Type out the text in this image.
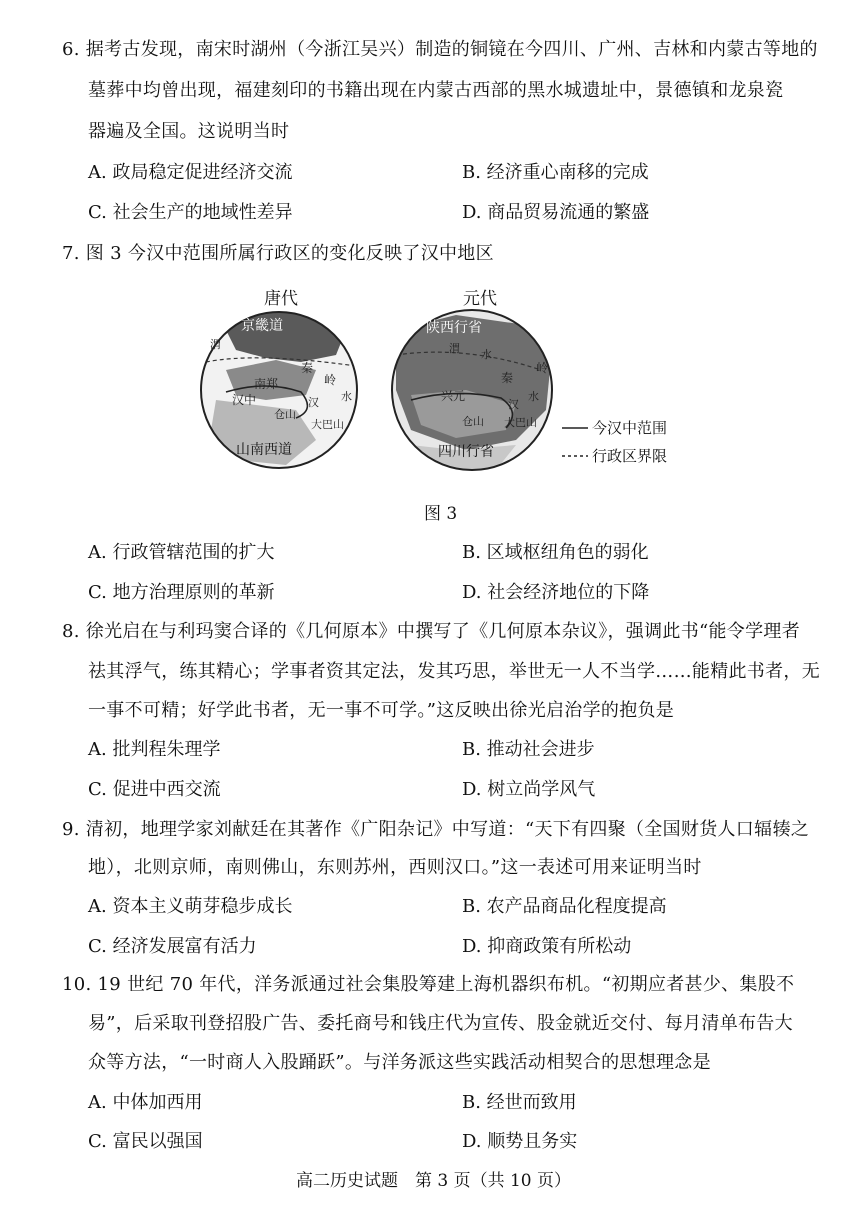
6. 据考古发现，南宋时湖州（今浙江吴兴）制造的铜镜在今四川、广州、吉林和内蒙古等地的
墓葬中均曾出现，福建刻印的书籍出现在内蒙古西部的黑水城遗址中，景德镇和龙泉瓷
器遍及全国。这说明当时
A. 政局稳定促进经济交流	B. 经济重心南移的完成
C. 社会生产的地域性差异	D. 商品贸易流通的繁盛
7. 图 3 今汉中范围所属行政区的变化反映了汉中地区
唐代	元代
京畿道
渭
秦
岭
南郑
汉中	水
仓山
汉
大巴山
山南西道
陕西行省
渭 水
秦
岭
兴元
汉
水
仓山 大巴山
四川行省
今汉中范围
行政区界限
图 3
A. 行政管辖范围的扩大	B. 区域枢纽角色的弱化
C. 地方治理原则的革新	D. 社会经济地位的下降
8. 徐光启在与利玛窦合译的《几何原本》中撰写了《几何原本杂议》，强调此书“能令学理者
祛其浮气，练其精心；学事者资其定法，发其巧思，举世无一人不当学……能精此书者，无
一事不可精；好学此书者，无一事不可学。”这反映出徐光启治学的抱负是
A. 批判程朱理学	B. 推动社会进步
C. 促进中西交流	D. 树立尚学风气
9. 清初，地理学家刘献廷在其著作《广阳杂记》中写道：“天下有四聚（全国财货人口辐辏之
地），北则京师，南则佛山，东则苏州，西则汉口。”这一表述可用来证明当时
A. 资本主义萌芽稳步成长	B. 农产品商品化程度提高
C. 经济发展富有活力	D. 抑商政策有所松动
10. 19 世纪 70 年代，洋务派通过社会集股筹建上海机器织布机。“初期应者甚少、集股不
易”，后采取刊登招股广告、委托商号和钱庄代为宣传、股金就近交付、每月清单布告大
众等方法，“一时商人入股踊跃”。与洋务派这些实践活动相契合的思想理念是
A. 中体加西用	B. 经世而致用
C. 富民以强国	D. 顺势且务实
高二历史试题　第 3 页（共 10 页）
